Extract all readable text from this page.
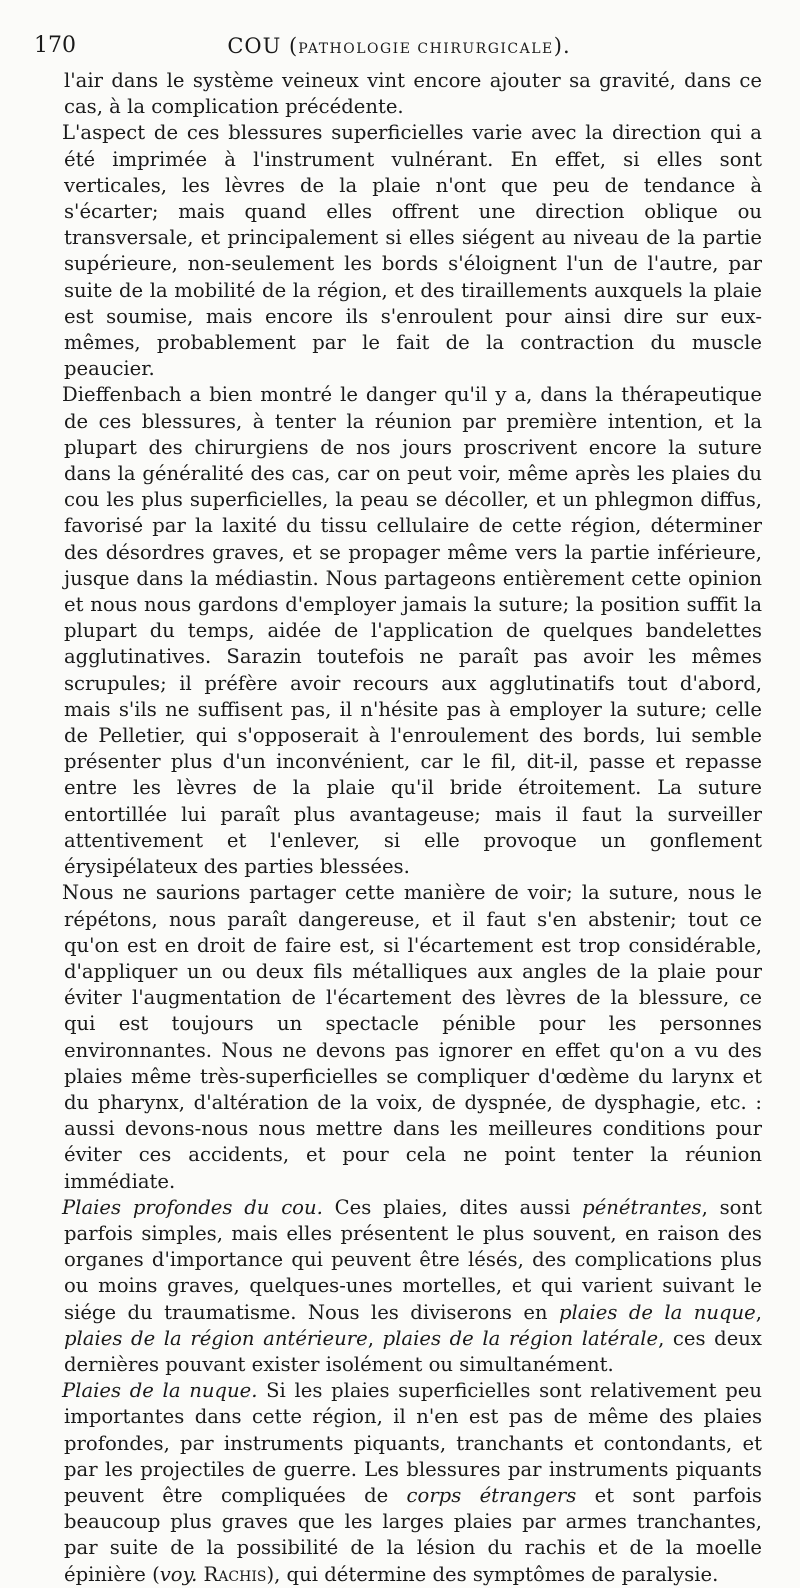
170	COU (PATHOLOGIE CHIRURGICALE).

l'air dans le système veineux vint encore ajouter sa gravité, dans ce cas, à la complication précédente.

L'aspect de ces blessures superficielles varie avec la direction qui a été imprimée à l'instrument vulnérant. En effet, si elles sont verticales, les lèvres de la plaie n'ont que peu de tendance à s'écarter; mais quand elles offrent une direction oblique ou transversale, et principalement si elles siégent au niveau de la partie supérieure, non-seulement les bords s'éloignent l'un de l'autre, par suite de la mobilité de la région, et des tiraillements auxquels la plaie est soumise, mais encore ils s'enroulent pour ainsi dire sur eux-mêmes, probablement par le fait de la contraction du muscle peaucier.

Dieffenbach a bien montré le danger qu'il y a, dans la thérapeutique de ces blessures, à tenter la réunion par première intention, et la plupart des chirurgiens de nos jours proscrivent encore la suture dans la généralité des cas, car on peut voir, même après les plaies du cou les plus superficielles, la peau se décoller, et un phlegmon diffus, favorisé par la laxité du tissu cellulaire de cette région, déterminer des désordres graves, et se propager même vers la partie inférieure, jusque dans la médiastin. Nous partageons entièrement cette opinion et nous nous gardons d'employer jamais la suture; la position suffit la plupart du temps, aidée de l'application de quelques bandelettes agglutinatives. Sarazin toutefois ne paraît pas avoir les mêmes scrupules; il préfère avoir recours aux agglutinatifs tout d'abord, mais s'ils ne suffisent pas, il n'hésite pas à employer la suture; celle de Pelletier, qui s'opposerait à l'enroulement des bords, lui semble présenter plus d'un inconvénient, car le fil, dit-il, passe et repasse entre les lèvres de la plaie qu'il bride étroitement. La suture entortillée lui paraît plus avantageuse; mais il faut la surveiller attentivement et l'enlever, si elle provoque un gonflement érysipélateux des parties blessées.

Nous ne saurions partager cette manière de voir; la suture, nous le répétons, nous paraît dangereuse, et il faut s'en abstenir; tout ce qu'on est en droit de faire est, si l'écartement est trop considérable, d'appliquer un ou deux fils métalliques aux angles de la plaie pour éviter l'augmentation de l'écartement des lèvres de la blessure, ce qui est toujours un spectacle pénible pour les personnes environnantes. Nous ne devons pas ignorer en effet qu'on a vu des plaies même très-superficielles se compliquer d'œdème du larynx et du pharynx, d'altération de la voix, de dyspnée, de dysphagie, etc. : aussi devons-nous nous mettre dans les meilleures conditions pour éviter ces accidents, et pour cela ne point tenter la réunion immédiate.

Plaies profondes du cou. Ces plaies, dites aussi pénétrantes, sont parfois simples, mais elles présentent le plus souvent, en raison des organes d'importance qui peuvent être lésés, des complications plus ou moins graves, quelques-unes mortelles, et qui varient suivant le siége du traumatisme. Nous les diviserons en plaies de la nuque, plaies de la région antérieure, plaies de la région latérale, ces deux dernières pouvant exister isolément ou simultanément.

Plaies de la nuque. Si les plaies superficielles sont relativement peu importantes dans cette région, il n'en est pas de même des plaies profondes, par instruments piquants, tranchants et contondants, et par les projectiles de guerre. Les blessures par instruments piquants peuvent être compliquées de corps étrangers et sont parfois beaucoup plus graves que les larges plaies par armes tranchantes, par suite de la possibilité de la lésion du rachis et de la moelle épinière (voy. Rachis), qui détermine des symptômes de paralysie.
